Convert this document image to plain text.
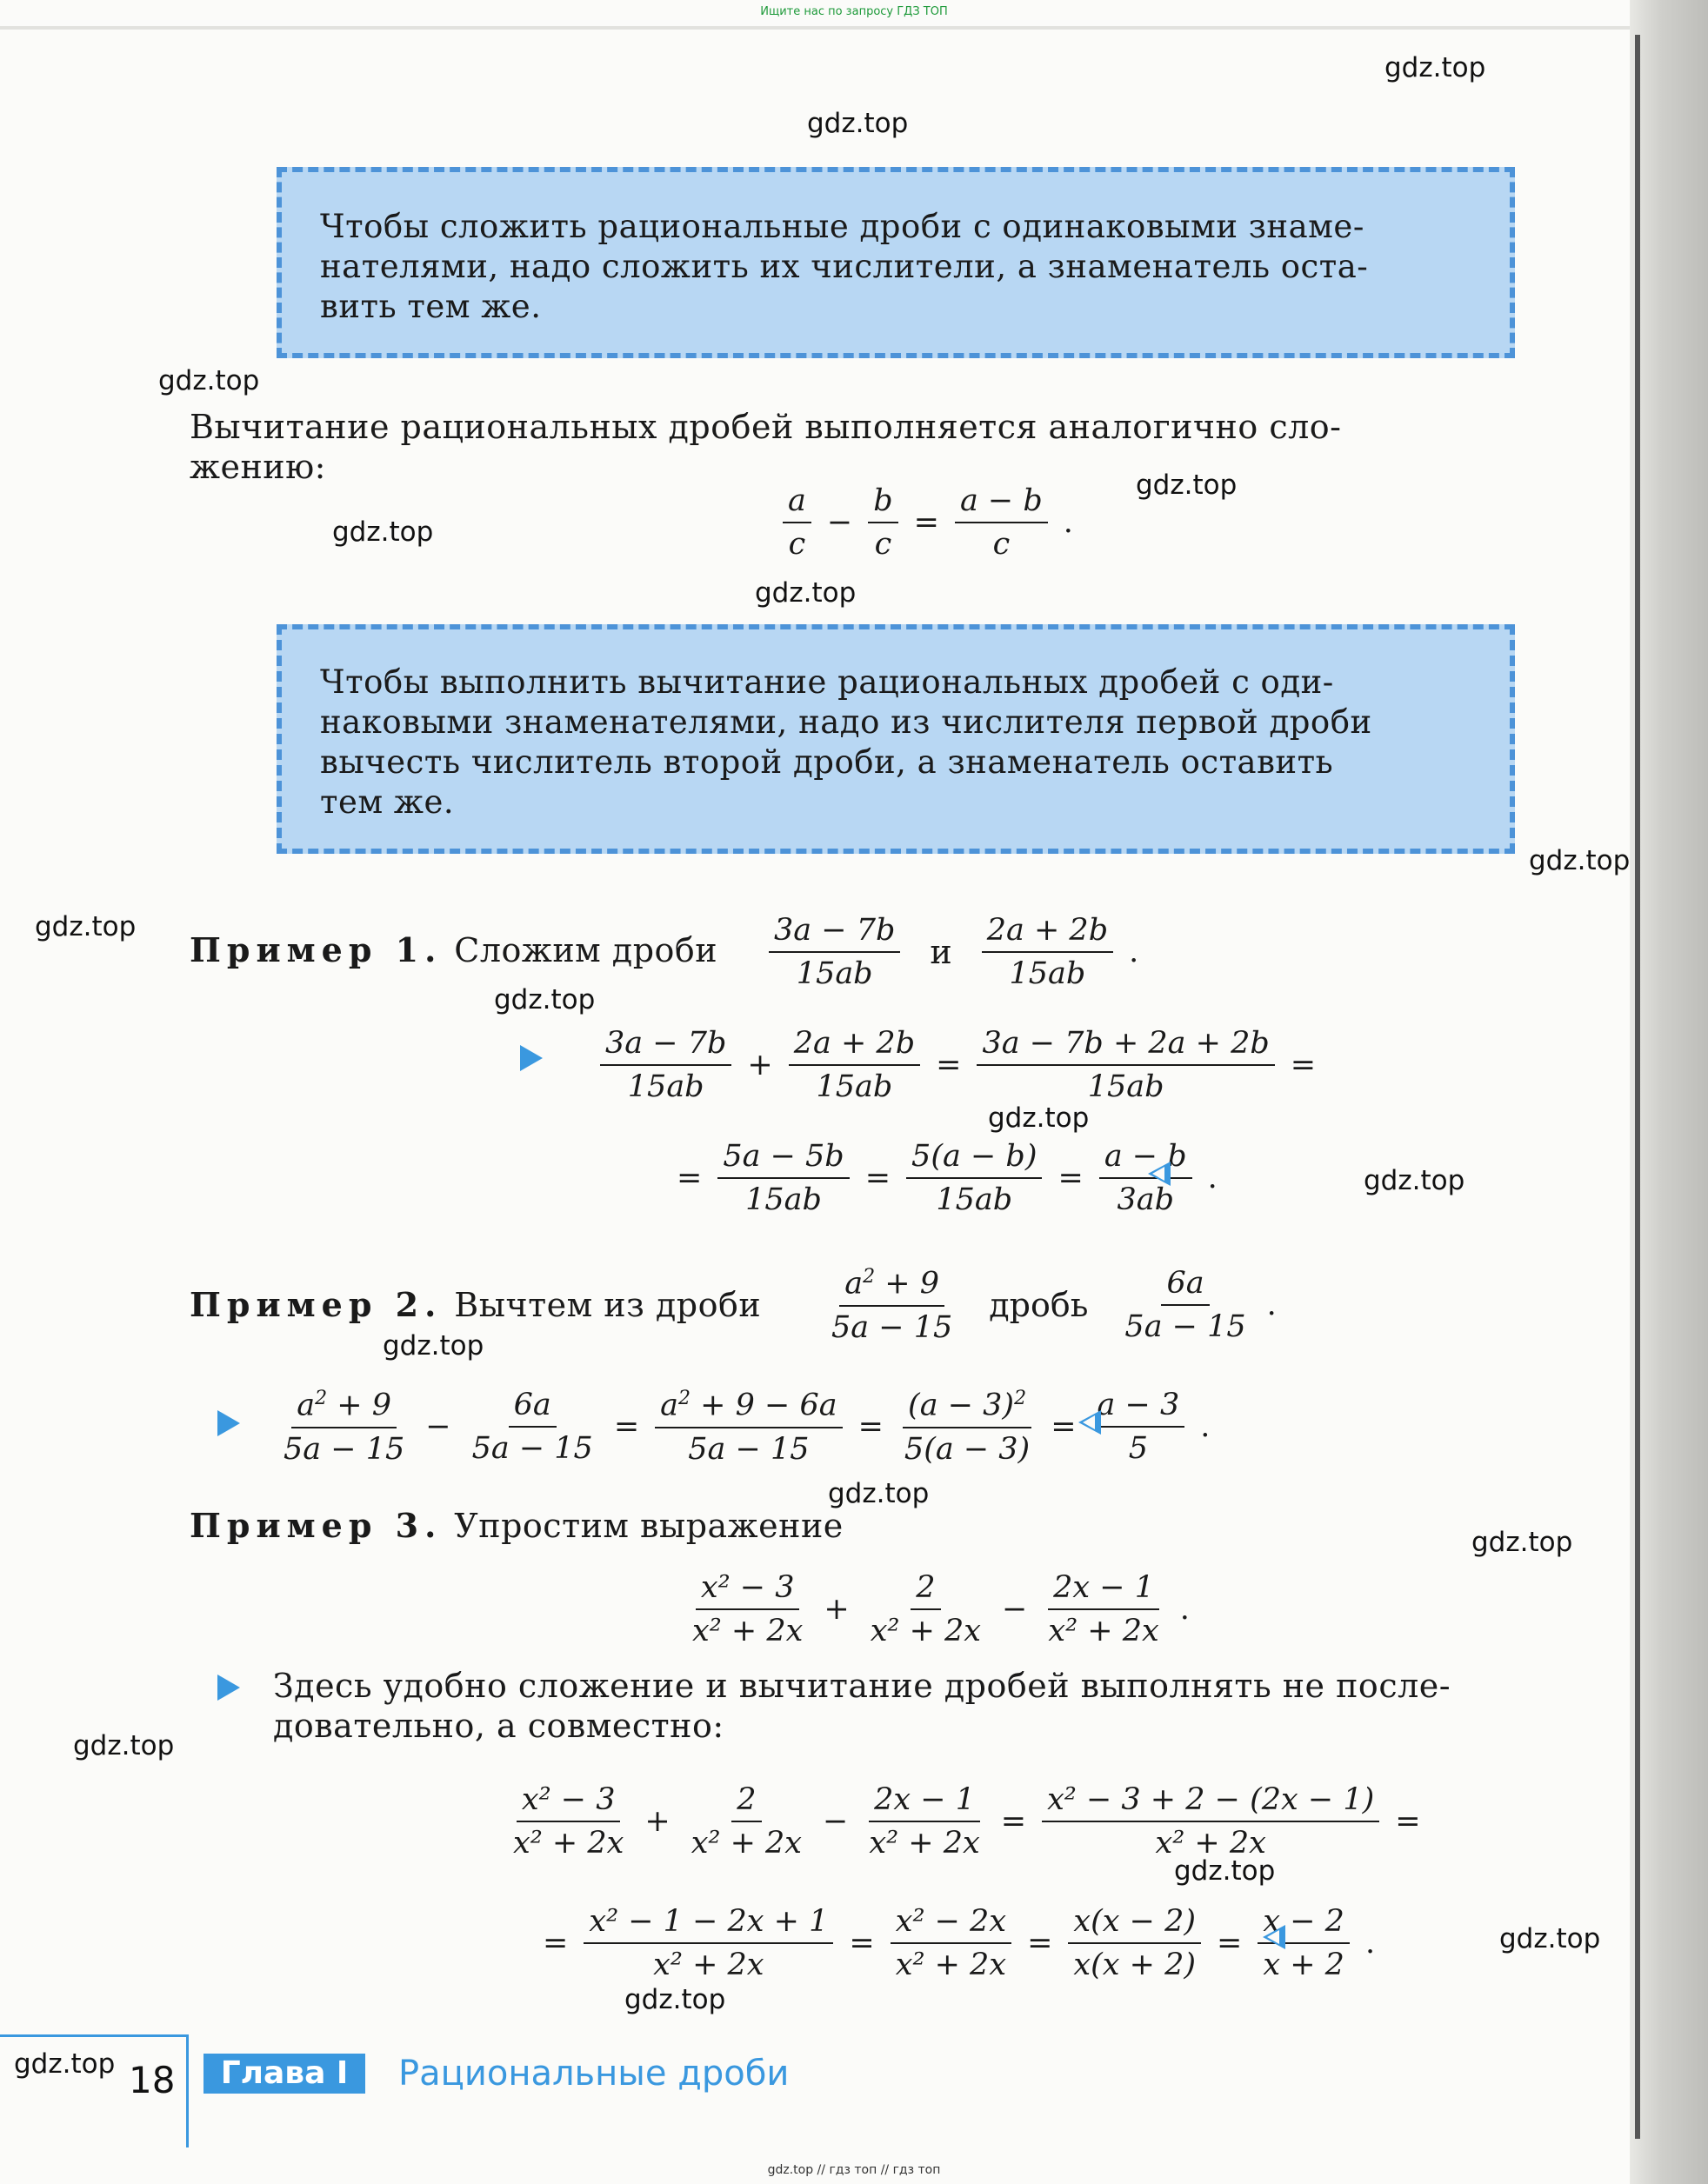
Ищите нас по запросу ГДЗ ТОП
gdz.top
gdz.top
gdz.top
gdz.top
gdz.top
gdz.top
gdz.top
gdz.top
gdz.top
gdz.top
gdz.top
gdz.top
gdz.top
gdz.top
gdz.top
gdz.top
gdz.top
gdz.top
gdz.top
Чтобы сложить рациональные дроби с одинаковыми знаме-
нателями, надо сложить их числители, а знаменатель оста-
вить тем же.
Вычитание рациональных дробей выполняется аналогично сло-
жению:
$\frac{a}{c} - \frac{b}{c} = \frac{a - b}{c}$ .
Чтобы выполнить вычитание рациональных дробей с оди-
наковыми знаменателями, надо из числителя первой дроби
вычесть числитель второй дроби, а знаменатель оставить
тем же.
Пример 1. Сложим дроби $\frac{3a - 7b}{15ab}$ и $\frac{2a + 2b}{15ab}$ .
$\frac{3a - 7b}{15ab} + \frac{2a + 2b}{15ab} = \frac{3a - 7b + 2a + 2b}{15ab}$ =
= $\frac{5a - 5b}{15ab} = \frac{5(a - b)}{15ab} = \frac{a - b}{3ab}$ .
Пример 2. Вычтем из дроби $\frac{a^2 + 9}{5a - 15}$ дробь $\frac{6a}{5a - 15}$ .
$\frac{a^2 + 9}{5a - 15} - \frac{6a}{5a - 15} = \frac{a^2 + 9 - 6a}{5a - 15} = \frac{(a - 3)^2}{5(a - 3)} = \frac{a - 3}{5}$ .
Пример 3. Упростим выражение
$\frac{\text{x² − 3}}{\text{x² + 2x}} + \frac{2}{\text{x² + 2x}} - \frac{2x - 1}{\text{x² + 2x}}$ .
Здесь удобно сложение и вычитание дробей выполнять не после-
довательно, а совместно:
$\frac{\text{x² − 3}}{\text{x² + 2x}} + \frac{2}{\text{x² + 2x}} - \frac{2x - 1}{\text{x² + 2x}} = \frac{\text{x² − 3 + 2 − (2x − 1)}}{\text{x² + 2x}}$ =
= $\frac{\text{x² − 1 − 2x + 1}}{\text{x² + 2x}} = \frac{\text{x² − 2x}}{\text{x² + 2x}} = \frac{x(x - 2)}{x(x + 2)} = \frac{x - 2}{x + 2}$ .
18	Глава I	Рациональные дроби
gdz.top // гдз топ // гдз топ
